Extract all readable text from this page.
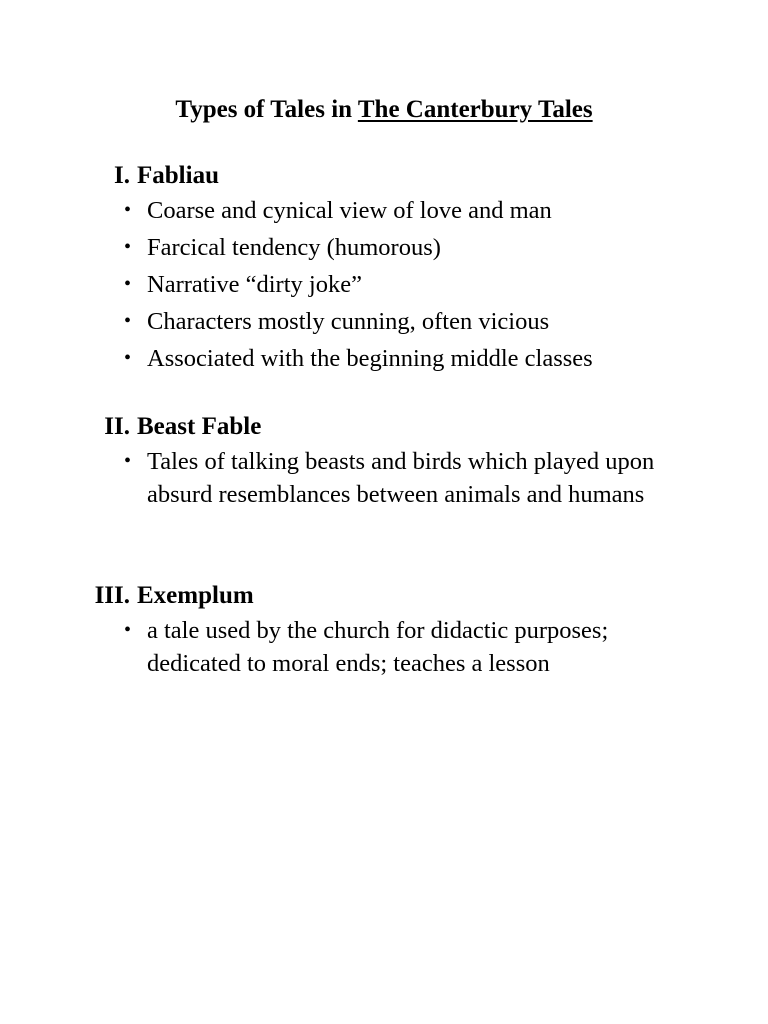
Types of Tales in The Canterbury Tales
I. Fabliau
• Coarse and cynical view of love and man
• Farcical tendency (humorous)
• Narrative “dirty joke”
• Characters mostly cunning, often vicious
• Associated with the beginning middle classes
II. Beast Fable
• Tales of talking beasts and birds which played upon absurd resemblances between animals and humans
III. Exemplum
• a tale used by the church for didactic purposes; dedicated to moral ends; teaches a lesson
